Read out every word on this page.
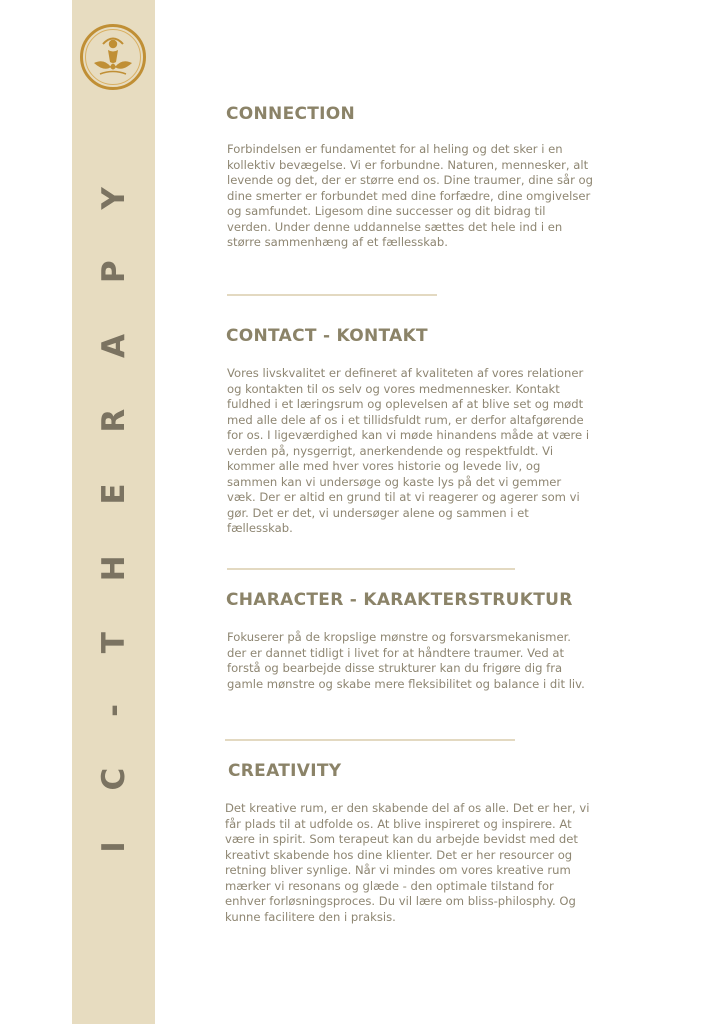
I C - T H E R A P Y
CONNECTION

Forbindelsen er fundamentet for al heling og det sker i en kollektiv bevægelse. Vi er forbundne. Naturen, mennesker, alt levende og det, der er større end os. Dine traumer, dine sår og dine smerter er forbundet med dine forfædre, dine omgivelser og samfundet. Ligesom dine successer og dit bidrag til verden. Under denne uddannelse sættes det hele ind i en større sammenhæng af et fællesskab.

CONTACT - KONTAKT

Vores livskvalitet er defineret af kvaliteten af vores relationer og kontakten til os selv og vores medmennesker. Kontakt fuldhed i et læringsrum og oplevelsen af at blive set og mødt med alle dele af os i et tillidsfuldt rum, er derfor altafgørende for os. I ligeværdighed kan vi møde hinandens måde at være i verden på, nysgerrigt, anerkendende og respektfuldt. Vi kommer alle med hver vores historie og levede liv, og sammen kan vi undersøge og kaste lys på det vi gemmer væk. Der er altid en grund til at vi reagerer og agerer som vi gør. Det er det, vi undersøger alene og sammen i et fællesskab.

CHARACTER - KARAKTERSTRUKTUR

Fokuserer på de kropslige mønstre og forsvarsmekanismer. der er dannet tidligt i livet for at håndtere traumer. Ved at forstå og bearbejde disse strukturer kan du frigøre dig fra gamle mønstre og skabe mere fleksibilitet og balance i dit liv.

CREATIVITY

Det kreative rum, er den skabende del af os alle. Det er her, vi får plads til at udfolde os. At blive inspireret og inspirere. At være in spirit. Som terapeut kan du arbejde bevidst med det kreativt skabende hos dine klienter. Det er her resourcer og retning bliver synlige. Når vi mindes om vores kreative rum mærker vi resonans og glæde - den optimale tilstand for enhver forløsningsproces. Du vil lære om bliss-philosphy. Og kunne facilitere den i praksis.
